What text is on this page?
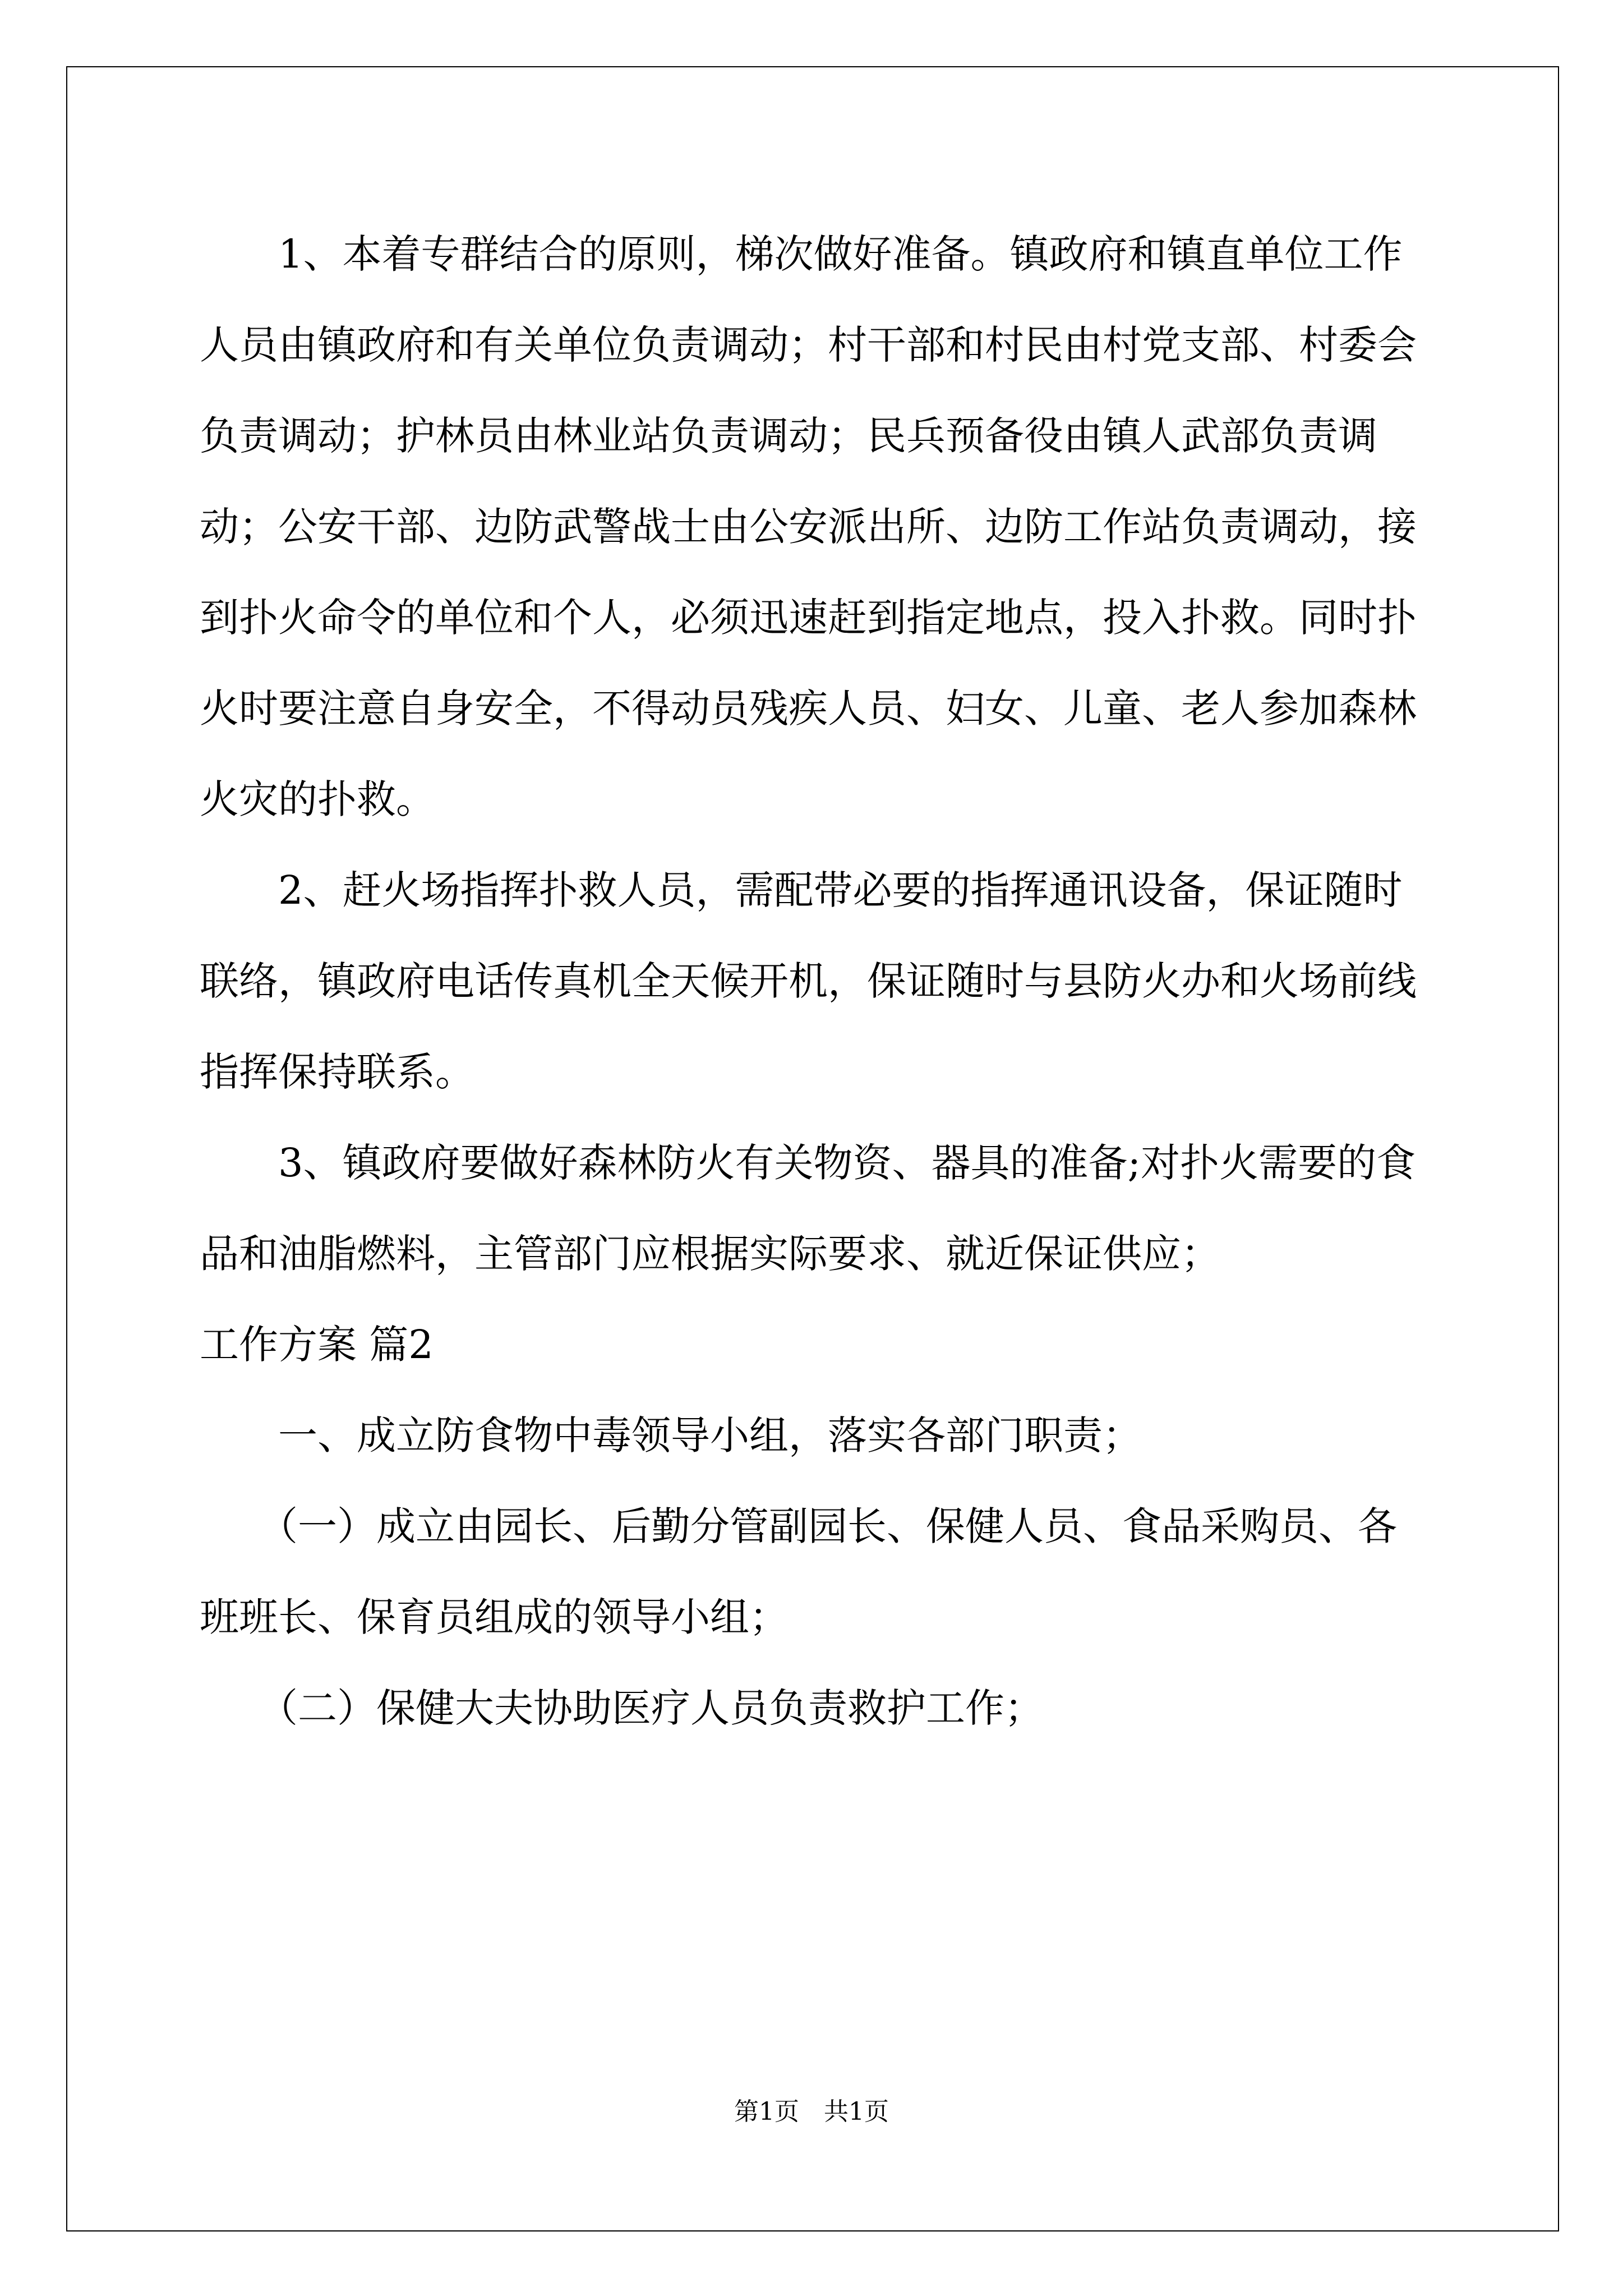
1、本着专群结合的原则，梯次做好准备。镇政府和镇直单位工作人员由镇政府和有关单位负责调动；村干部和村民由村党支部、村委会负责调动；护林员由林业站负责调动；民兵预备役由镇人武部负责调动；公安干部、边防武警战士由公安派出所、边防工作站负责调动，接到扑火命令的单位和个人，必须迅速赶到指定地点，投入扑救。同时扑火时要注意自身安全，不得动员残疾人员、妇女、儿童、老人参加森林火灾的扑救。

2、赶火场指挥扑救人员，需配带必要的指挥通讯设备，保证随时联络，镇政府电话传真机全天候开机，保证随时与县防火办和火场前线指挥保持联系。

3、镇政府要做好森林防火有关物资、器具的准备;对扑火需要的食品和油脂燃料，主管部门应根据实际要求、就近保证供应；

工作方案 篇2

一、成立防食物中毒领导小组，落实各部门职责；

（一）成立由园长、后勤分管副园长、保健人员、食品采购员、各班班长、保育员组成的领导小组；

（二）保健大夫协助医疗人员负责救护工作；

第1页　共1页
